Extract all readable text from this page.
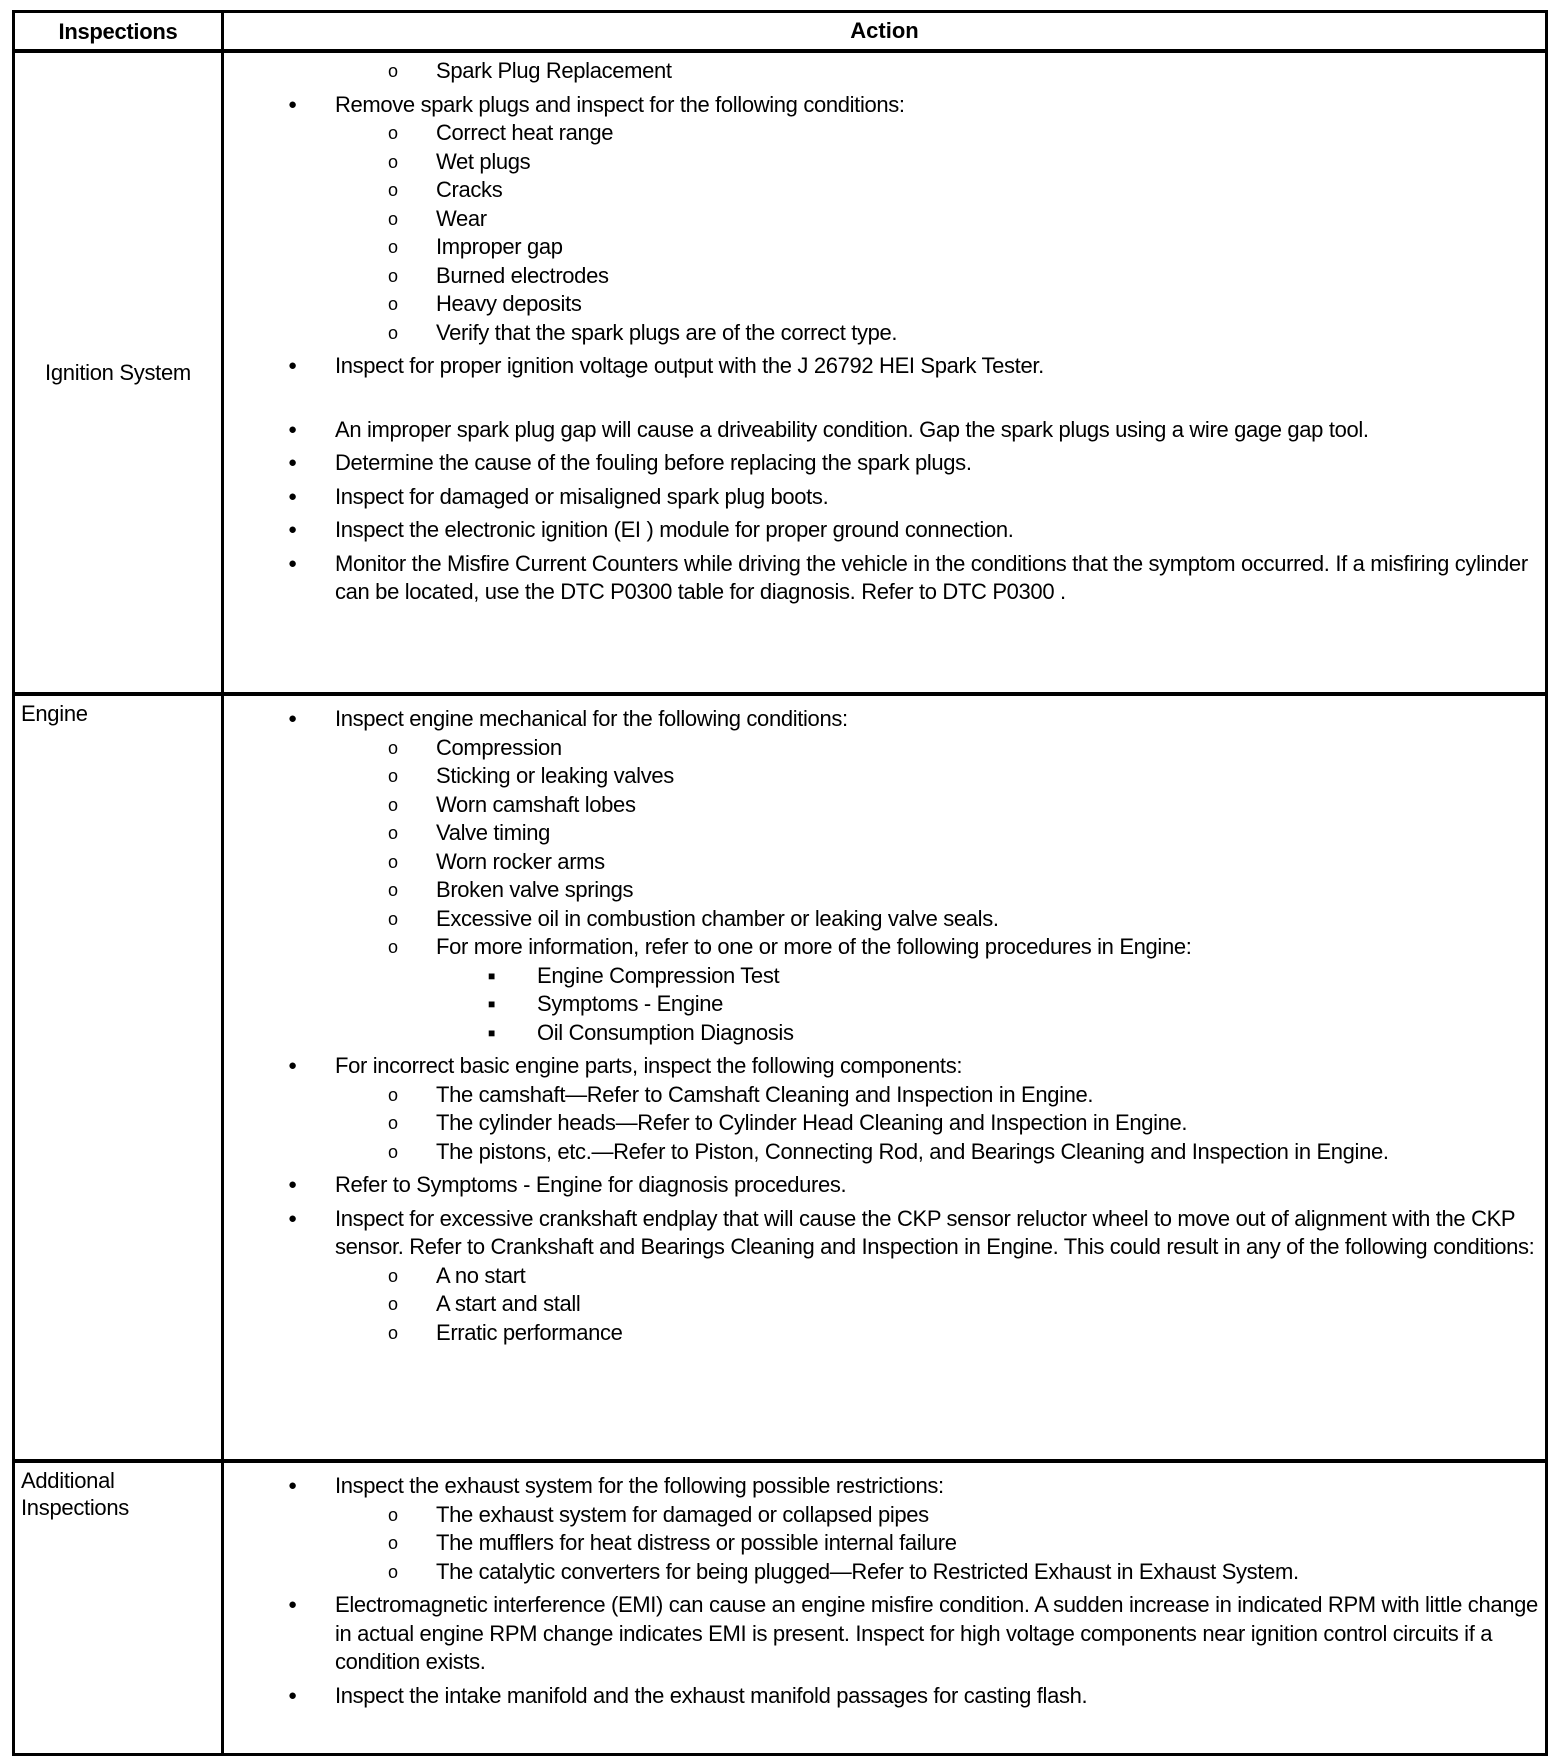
Inspections	Action
Ignition System
o Spark Plug Replacement
● Remove spark plugs and inspect for the following conditions:
o Correct heat range
o Wet plugs
o Cracks
o Wear
o Improper gap
o Burned electrodes
o Heavy deposits
o Verify that the spark plugs are of the correct type.
● Inspect for proper ignition voltage output with the J 26792 HEI Spark Tester.
● An improper spark plug gap will cause a driveability condition. Gap the spark plugs using a wire gage gap tool.
● Determine the cause of the fouling before replacing the spark plugs.
● Inspect for damaged or misaligned spark plug boots.
● Inspect the electronic ignition (EI ) module for proper ground connection.
● Monitor the Misfire Current Counters while driving the vehicle in the conditions that the symptom occurred. If a misfiring cylinder can be located, use the DTC P0300 table for diagnosis. Refer to DTC P0300 .
Engine	● Inspect engine mechanical for the following conditions:
o Compression
o Sticking or leaking valves
o Worn camshaft lobes
o Valve timing
o Worn rocker arms
o Broken valve springs
o Excessive oil in combustion chamber or leaking valve seals.
o For more information, refer to one or more of the following procedures in Engine:
■ Engine Compression Test
■ Symptoms - Engine
■ Oil Consumption Diagnosis
● For incorrect basic engine parts, inspect the following components:
o The camshaft—Refer to Camshaft Cleaning and Inspection in Engine.
o The cylinder heads—Refer to Cylinder Head Cleaning and Inspection in Engine.
o The pistons, etc.—Refer to Piston, Connecting Rod, and Bearings Cleaning and Inspection in Engine.
● Refer to Symptoms - Engine for diagnosis procedures.
● Inspect for excessive crankshaft endplay that will cause the CKP sensor reluctor wheel to move out of alignment with the CKP sensor. Refer to Crankshaft and Bearings Cleaning and Inspection in Engine. This could result in any of the following conditions:
o A no start
o A start and stall
o Erratic performance
Additional Inspections
● Inspect the exhaust system for the following possible restrictions:
o The exhaust system for damaged or collapsed pipes
o The mufflers for heat distress or possible internal failure
o The catalytic converters for being plugged—Refer to Restricted Exhaust in Exhaust System.
● Electromagnetic interference (EMI) can cause an engine misfire condition. A sudden increase in indicated RPM with little change in actual engine RPM change indicates EMI is present. Inspect for high voltage components near ignition control circuits if a condition exists.
● Inspect the intake manifold and the exhaust manifold passages for casting flash.
